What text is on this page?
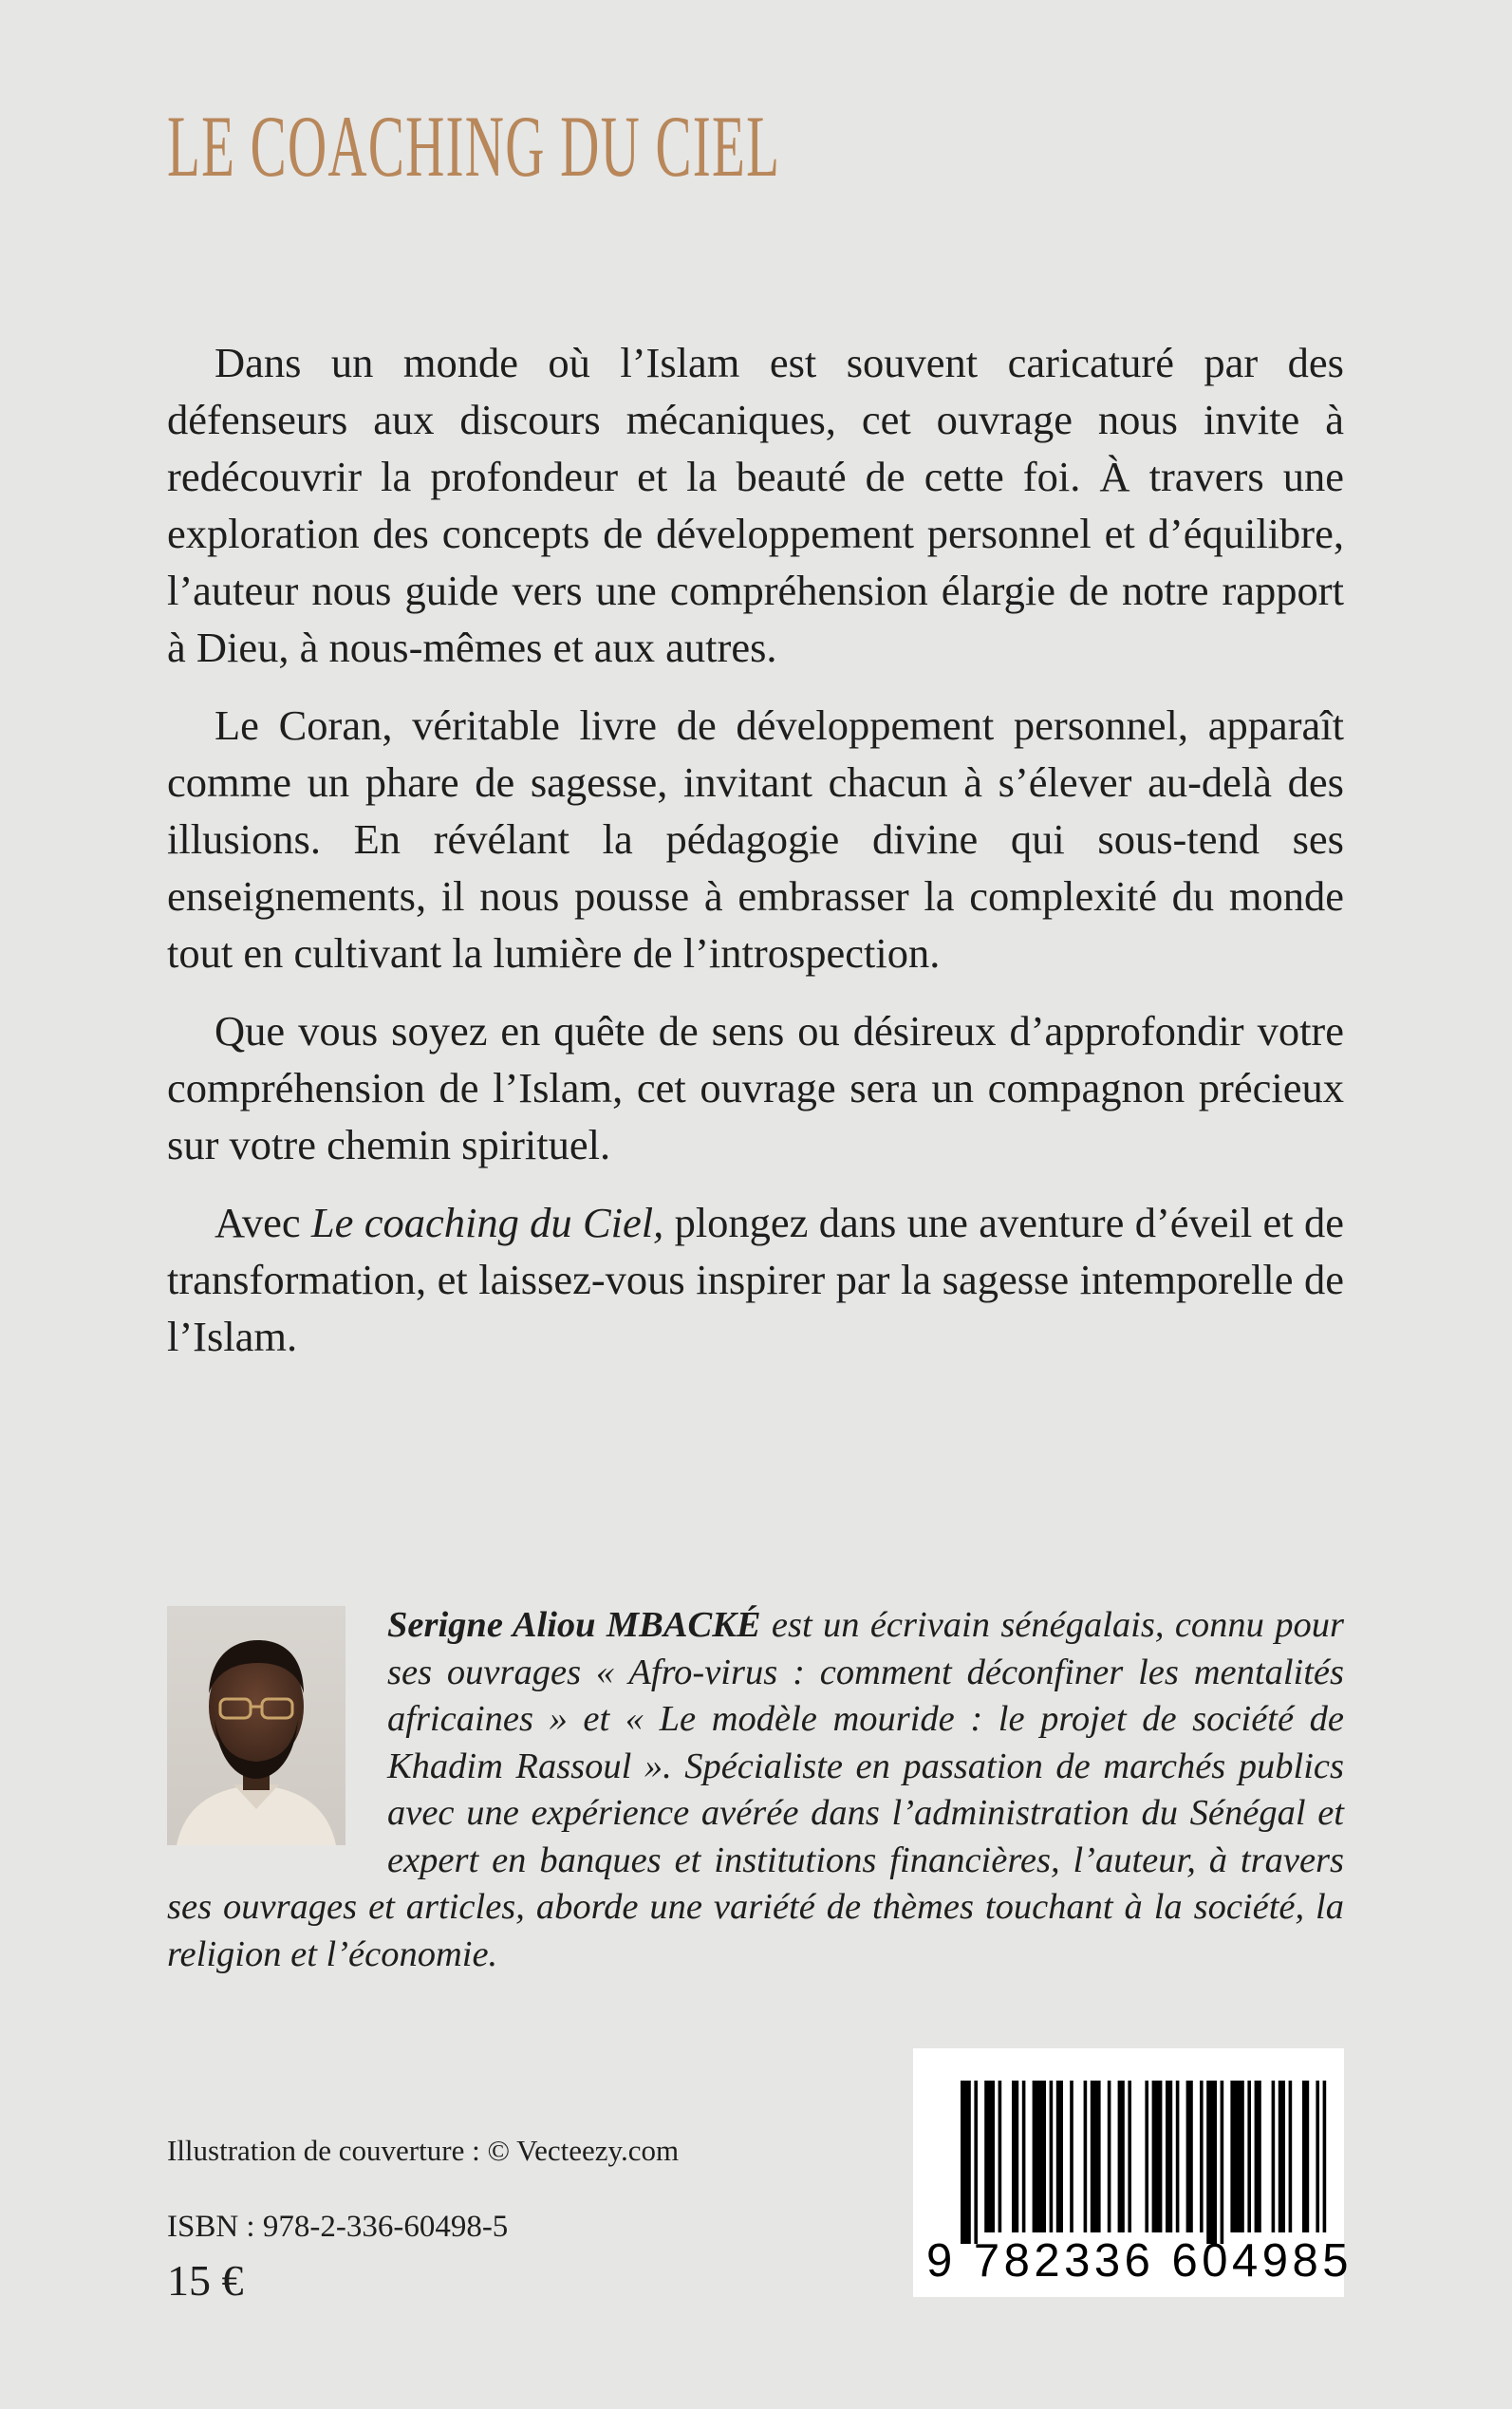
LE COACHING DU CIEL

Dans un monde où l’Islam est souvent caricaturé par des défenseurs aux discours mécaniques, cet ouvrage nous invite à redécouvrir la profondeur et la beauté de cette foi. À travers une exploration des concepts de développement personnel et d’équilibre, l’auteur nous guide vers une compréhension élargie de notre rapport à Dieu, à nous-mêmes et aux autres.

Le Coran, véritable livre de développement personnel, apparaît comme un phare de sagesse, invitant chacun à s’élever au-delà des illusions. En révélant la pédagogie divine qui sous-tend ses enseignements, il nous pousse à embrasser la complexité du monde tout en cultivant la lumière de l’introspection.

Que vous soyez en quête de sens ou désireux d’approfondir votre compréhension de l’Islam, cet ouvrage sera un compagnon précieux sur votre chemin spirituel.

Avec Le coaching du Ciel, plongez dans une aventure d’éveil et de transformation, et laissez-vous inspirer par la sagesse intemporelle de l’Islam.

Serigne Aliou MBACKÉ est un écrivain sénégalais, connu pour ses ouvrages « Afro-virus : comment déconfiner les mentalités africaines » et « Le modèle mouride : le projet de société de Khadim Rassoul ». Spécialiste en passation de marchés publics avec une expérience avérée dans l’administration du Sénégal et expert en banques et institutions financières, l’auteur, à travers ses ouvrages et articles, aborde une variété de thèmes touchant à la société, la religion et l’économie.
Illustration de couverture : © Vecteezy.com
ISBN : 978-2-336-60498-5
15 €	9 782336 604985
